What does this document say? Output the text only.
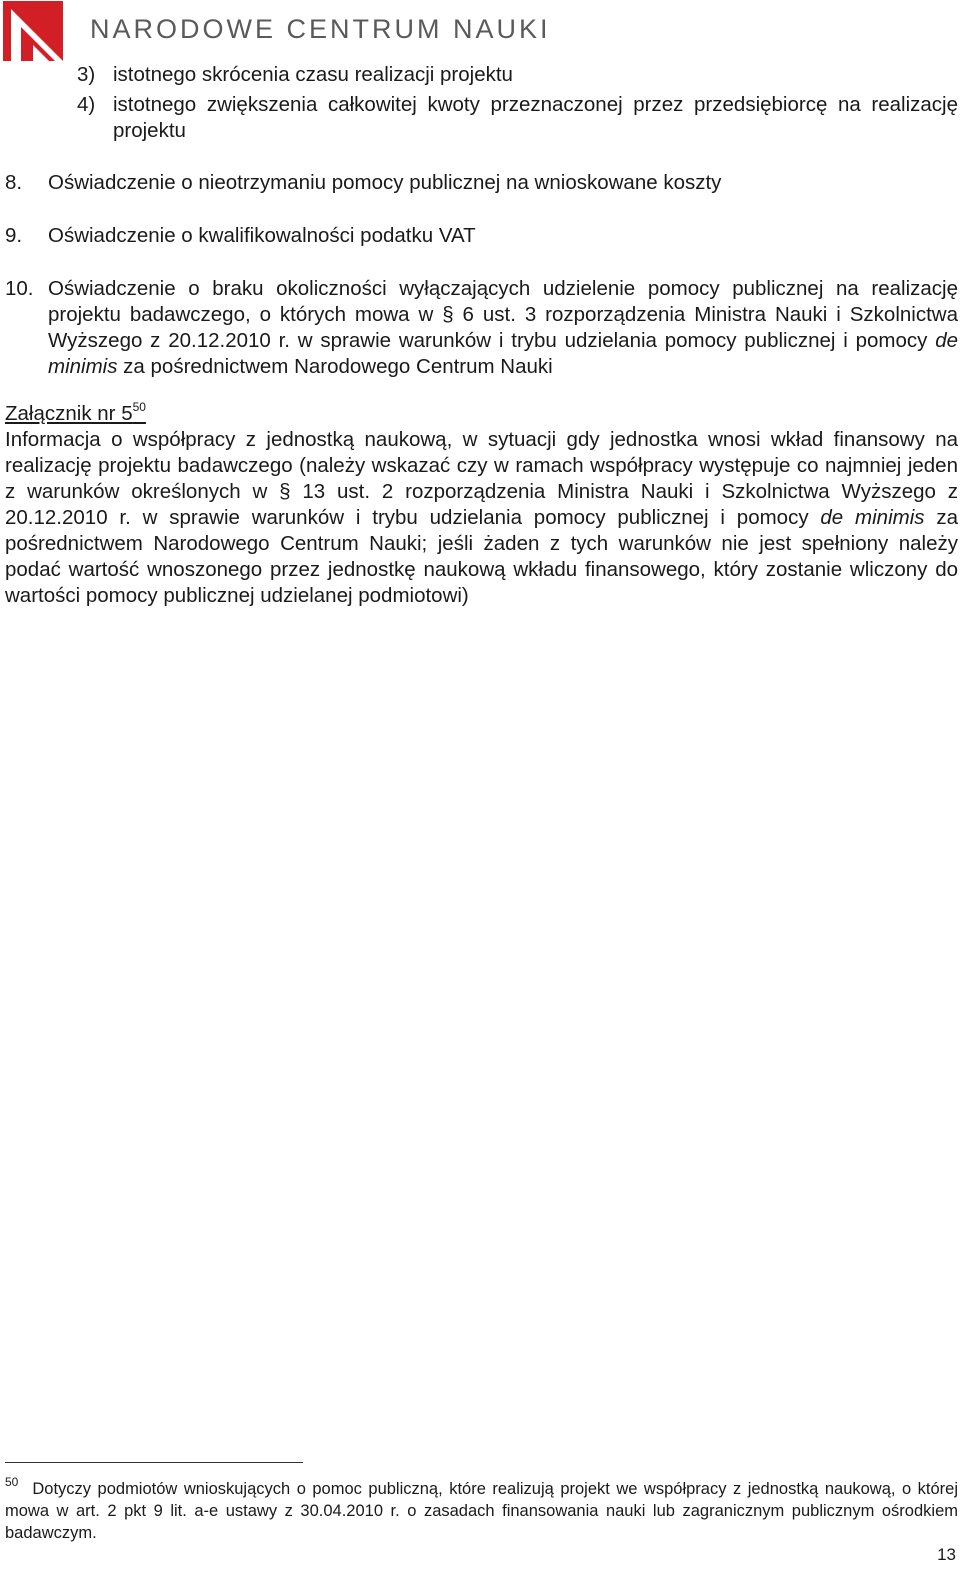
NARODOWE CENTRUM NAUKI
3) istotnego skrócenia czasu realizacji projektu
4) istotnego zwiększenia całkowitej kwoty przeznaczonej przez przedsiębiorcę na realizację projektu
8.	Oświadczenie o nieotrzymaniu pomocy publicznej na wnioskowane koszty
9.	Oświadczenie o kwalifikowalności podatku VAT
10. Oświadczenie o braku okoliczności wyłączających udzielenie pomocy publicznej na realizację projektu badawczego, o których mowa w § 6 ust. 3 rozporządzenia Ministra Nauki i Szkolnictwa Wyższego z 20.12.2010 r. w sprawie warunków i trybu udzielania pomocy publicznej i pomocy de minimis za pośrednictwem Narodowego Centrum Nauki
Załącznik nr $5^{50}$

Informacja o współpracy z jednostką naukową, w sytuacji gdy jednostka wnosi wkład finansowy na realizację projektu badawczego (należy wskazać czy w ramach współpracy występuje co najmniej jeden z warunków określonych w § 13 ust. 2 rozporządzenia Ministra Nauki i Szkolnictwa Wyższego z 20.12.2010 r. w sprawie warunków i trybu udzielania pomocy publicznej i pomocy de minimis za pośrednictwem Narodowego Centrum Nauki; jeśli żaden z tych warunków nie jest spełniony należy podać wartość wnoszonego przez jednostkę naukową wkładu finansowego, który zostanie wliczony do wartości pomocy publicznej udzielanej podmiotowi)

$^{50}$ Dotyczy podmiotów wnioskujących o pomoc publiczną, które realizują projekt we współpracy z jednostką naukową, o której mowa w art. 2 pkt 9 lit. a-e ustawy z 30.04.2010 r. o zasadach finansowania nauki lub zagranicznym publicznym ośrodkiem badawczym.
13
